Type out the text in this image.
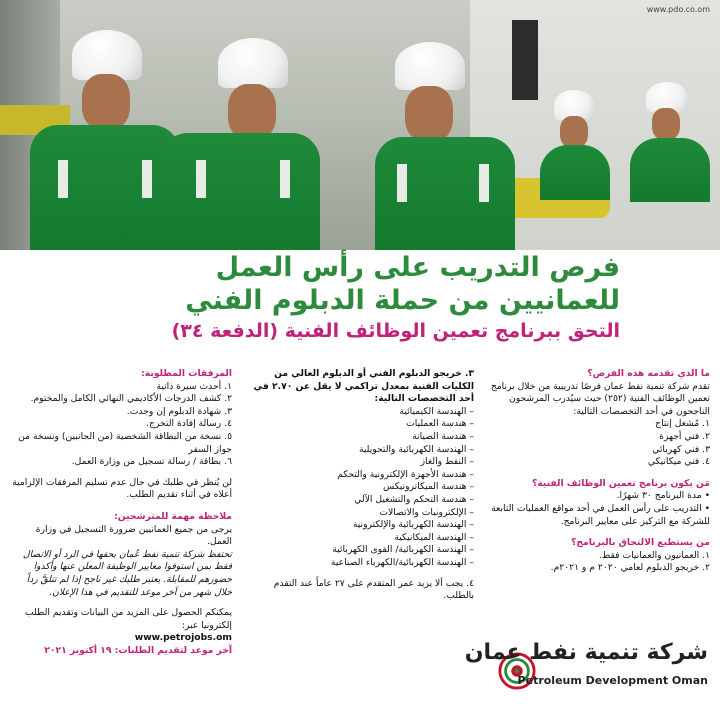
www.pdo.co.om
فرص التدريب على رأس العمل
للعمانيين من حملة الدبلوم الفني
التحق ببرنامج تعمين الوظائف الفنية (الدفعة ٣٤)
ما الذي تقدمه هذه الفرص؟
تقدم شركة تنمية نفط عمان فرصًا تدريبية من خلال برنامج تعمين الوظائف الفنية (٢٥٢) حيث سيُدرب المرشحون الناجحون في أحد التخصصات التالية:
١. مُشغل إنتاج
٢. فني أجهزة
٣. فني كهربائي
٤. فني ميكانيكي
مَن يكون برنامج تعمين الوظائف الفنية؟
• مدة البرنامج ٣٠ شهرًا.
• التدريب على رأس العمل في أحد مواقع العمليات التابعة للشركة مع التركيز على معايير البرنامج.
من يستطيع الالتحاق بالبرنامج؟
١. العمانيون والعمانيات فقط.
٢. خريجو الدبلوم لعامي ٢٠٢٠ م و ٢٠٢١م.
٣. خريجو الدبلوم الفني أو الدبلوم العالي من الكليات الفنية بمعدل تراكمي لا يقل عن ٢.٧٠ في أحد التخصصات التالية:
– الهندسة الكيميائية
– هندسة العمليات
– هندسة الصيانة
– الهندسة الكهربائية والتحويلية
– النفط والغاز
– هندسة الأجهزة الإلكترونية والتحكم
– هندسة الميكاترونيكس
– هندسة التحكم والتشغيل الآلي
– الإلكترونيات والاتصالات
– الهندسة الكهربائية والإلكترونية
– الهندسة الميكانيكية
– الهندسة الكهربائية/ القوى الكهربائية
– الهندسة الكهربائية/الكهرباء الصناعية
٤. يجب ألا يزيد عمر المتقدم على ٢٧ عاماً عند التقدم بالطلب.
المرفقات المطلوبة:
١. أحدث سيرة ذاتية
٢. كشف الدرجات الأكاديمي النهائي الكامل والمختوم.
٣. شهادة الدبلوم إن وجدت.
٤. رسالة إفادة التخرج.
٥. نسخة من البطاقة الشخصية (من الجانبين) ونسخة من جواز السفر
٦. بطاقة / رسالة تسجيل من وزارة العمل.
لن يُنظر في طلبك في حال عدم تسليم المرفقات الإلزامية أعلاه في أثناء تقديم الطلب.
ملاحظة مهمة للمترشحين:
يرجى من جميع العمانيين ضرورة التسجيل في وزارة العمل.
تحتفظ شركة تنمية نفط عُمان بحقها في الرد أو الاتصال فقط بمن استوفوا معايير الوظيفة المعلن عنها وأكدوا حضورهم للمقابلة. يعتبر طلبك غير ناجح إذا لم تتلقَّ رداً خلال شهر من آخر موعد للتقديم في هذا الإعلان.
يمكنكم الحصول على المزيد من البيانات وتقديم الطلب إلكترونيا عبر:
www.petrojobs.om
آخر موعد لتقديم الطلبات: ١٩ أكتوبر ٢٠٢١	شركة تنمية نفط عمان
Petroleum Development Oman
